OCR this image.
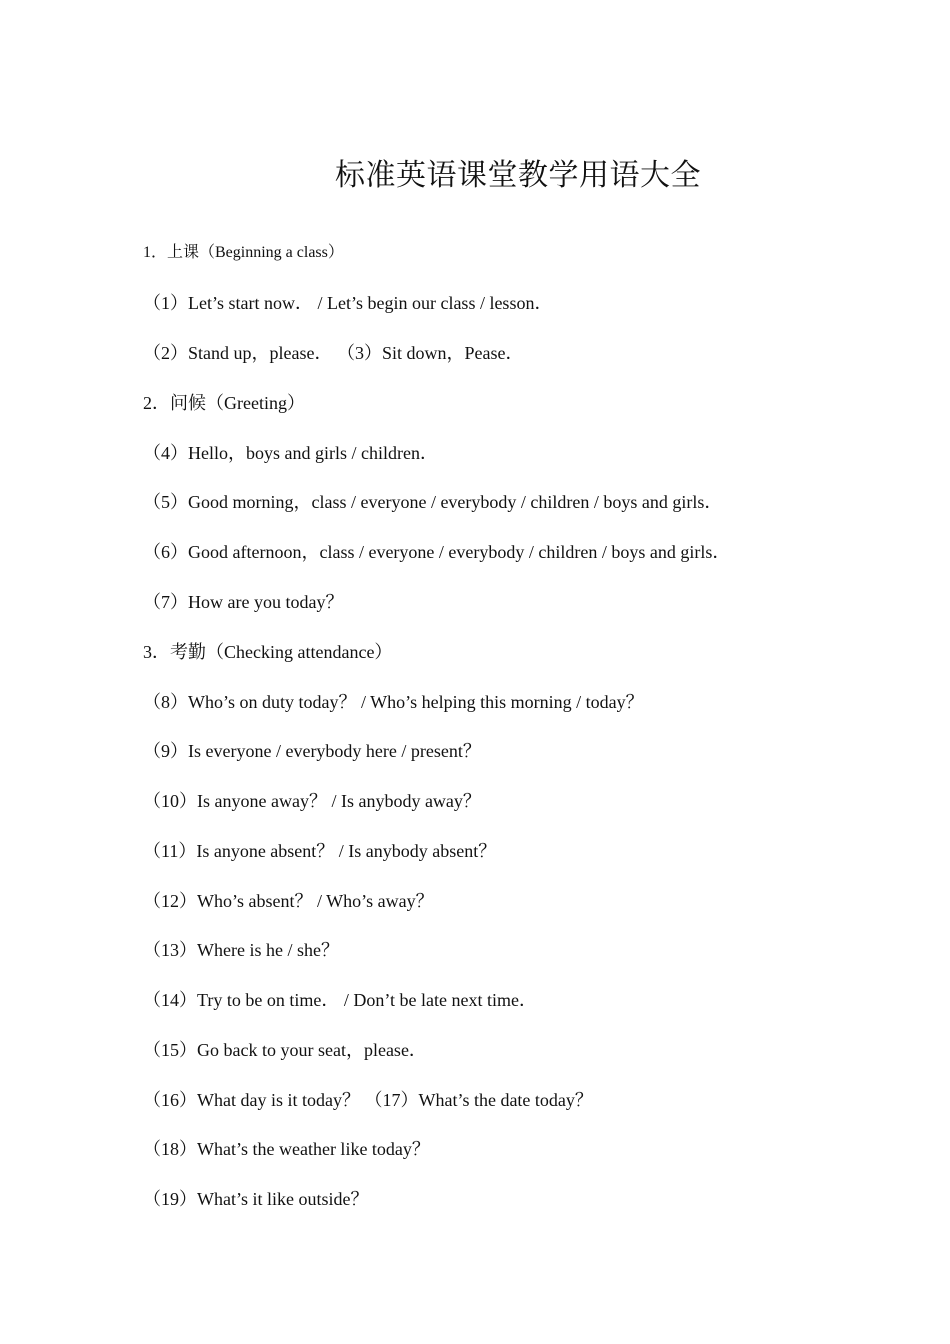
标准英语课堂教学用语大全
1．上课（Beginning a class）
（1）Let’s start now． / Let’s begin our class / lesson．
（2）Stand up，please． （3）Sit down，Pease．
2．问候（Greeting）
（4）Hello，boys and girls / children．
（5）Good morning，class / everyone / everybody / children / boys and girls．
（6）Good afternoon，class / everyone / everybody / children / boys and girls．
（7）How are you today？
3．考勤（Checking attendance）
（8）Who’s on duty today？ / Who’s helping this morning / today？
（9）Is everyone / everybody here / present？
（10）Is anyone away？ / Is anybody away？
（11）Is anyone absent？ / Is anybody absent？
（12）Who’s absent？ / Who’s away？
（13）Where is he / she？
（14）Try to be on time． / Don’t be late next time．
（15）Go back to your seat，please．
（16）What day is it today？ （17）What’s the date today？
（18）What’s the weather like today？
（19）What’s it like outside？
